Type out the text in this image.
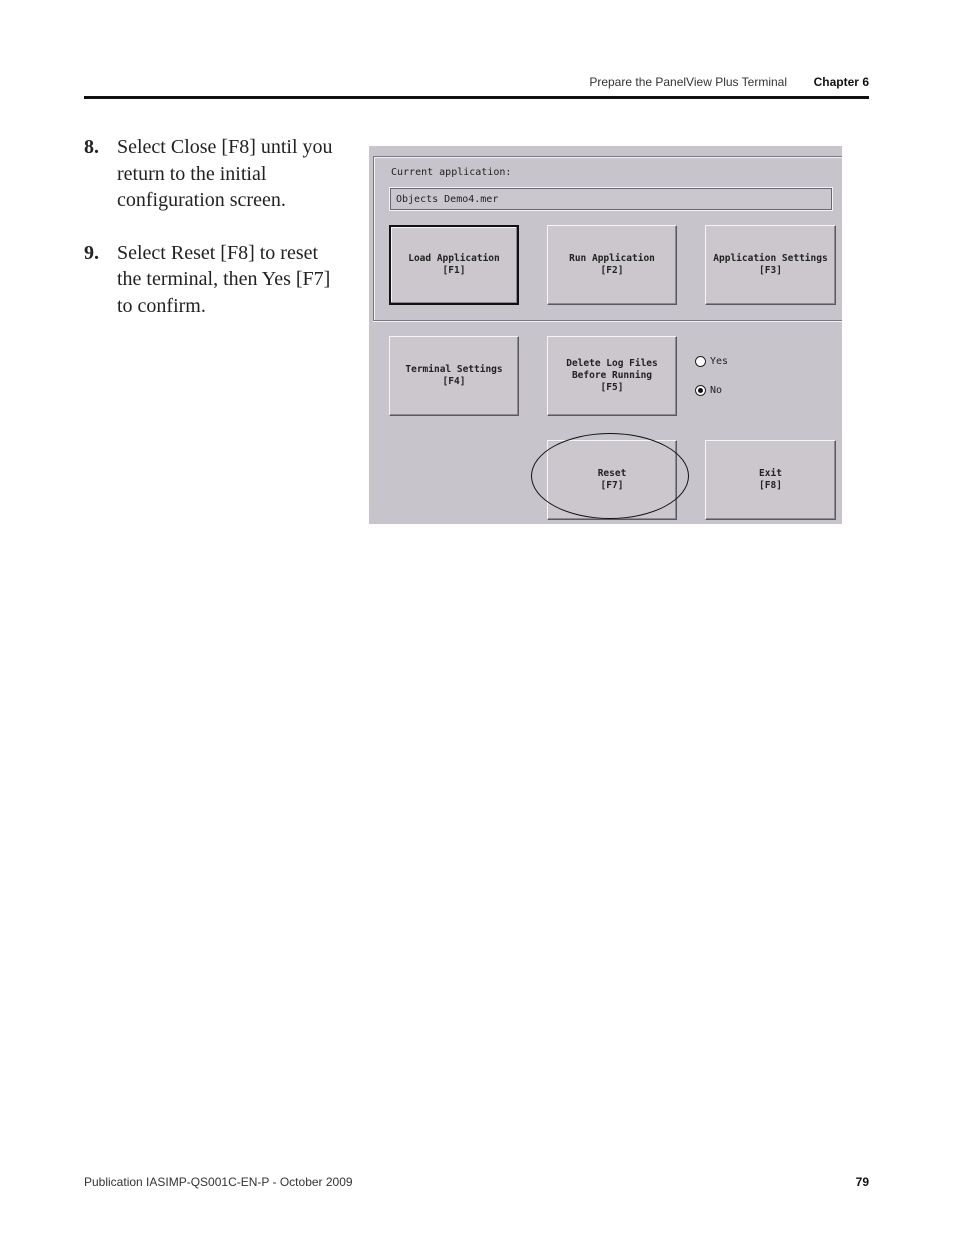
Prepare the PanelView Plus Terminal Chapter 6
8. Select Close [F8] until you return to the initial configuration screen.
9. Select Reset [F8] to reset the terminal, then Yes [F7] to confirm.
Current application:
Objects Demo4.mer
Load Application
[F1]
Run Application
[F2]
Application Settings
[F3]
Terminal Settings
[F4]
Delete Log Files
Before Running
[F5]
Yes
No
Reset
[F7]
Exit
[F8]
Publication IASIMP-QS001C-EN-P - October 2009	79
